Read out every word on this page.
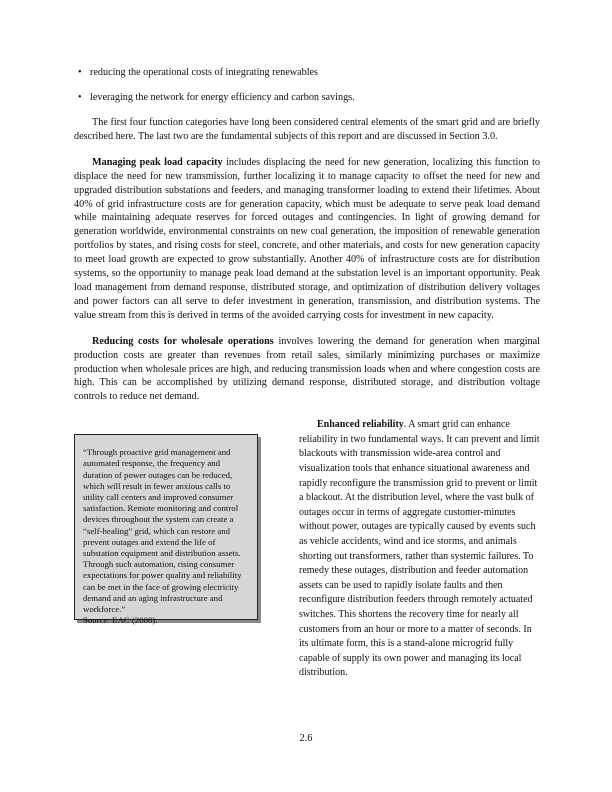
• reducing the operational costs of integrating renewables
• leveraging the network for energy efficiency and carbon savings.

The first four function categories have long been considered central elements of the smart grid and are briefly described here. The last two are the fundamental subjects of this report and are discussed in Section 3.0.

Managing peak load capacity includes displacing the need for new generation, localizing this function to displace the need for new transmission, further localizing it to manage capacity to offset the need for new and upgraded distribution substations and feeders, and managing transformer loading to extend their lifetimes. About 40% of grid infrastructure costs are for generation capacity, which must be adequate to serve peak load demand while maintaining adequate reserves for forced outages and contingencies. In light of growing demand for generation worldwide, environmental constraints on new coal generation, the imposition of renewable generation portfolios by states, and rising costs for steel, concrete, and other materials, and costs for new generation capacity to meet load growth are expected to grow substantially. Another 40% of infrastructure costs are for distribution systems, so the opportunity to manage peak load demand at the substation level is an important opportunity. Peak load management from demand response, distributed storage, and optimization of distribution delivery voltages and power factors can all serve to defer investment in generation, transmission, and distribution systems. The value stream from this is derived in terms of the avoided carrying costs for investment in new capacity.

Reducing costs for wholesale operations involves lowering the demand for generation when marginal production costs are greater than revenues from retail sales, similarly minimizing purchases or maximize production when wholesale prices are high, and reducing transmission loads when and where congestion costs are high. This can be accomplished by utilizing demand response, distributed storage, and distribution voltage controls to reduce net demand.

“Through proactive grid management and automated response, the frequency and duration of power outages can be reduced, which will result in fewer anxious calls to utility call centers and improved consumer satisfaction. Remote monitoring and control devices throughout the system can create a “self-healing” grid, which can restore and prevent outages and extend the life of substation equipment and distribution assets. Through such automation, rising consumer expectations for power quality and reliability can be met in the face of growing electricity demand and an aging infrastructure and workforce.”
Source: EAC (2008).

Enhanced reliability. A smart grid can enhance reliability in two fundamental ways. It can prevent and limit blackouts with transmission wide-area control and visualization tools that enhance situational awareness and rapidly reconfigure the transmission grid to prevent or limit a blackout. At the distribution level, where the vast bulk of outages occur in terms of aggregate customer-minutes without power, outages are typically caused by events such as vehicle accidents, wind and ice storms, and animals shorting out transformers, rather than systemic failures. To remedy these outages, distribution and feeder automation assets can be used to rapidly isolate faults and then reconfigure distribution feeders through remotely actuated switches. This shortens the recovery time for nearly all customers from an hour or more to a matter of seconds. In its ultimate form, this is a stand-alone microgrid fully capable of supply its own power and managing its local distribution.

2.6
